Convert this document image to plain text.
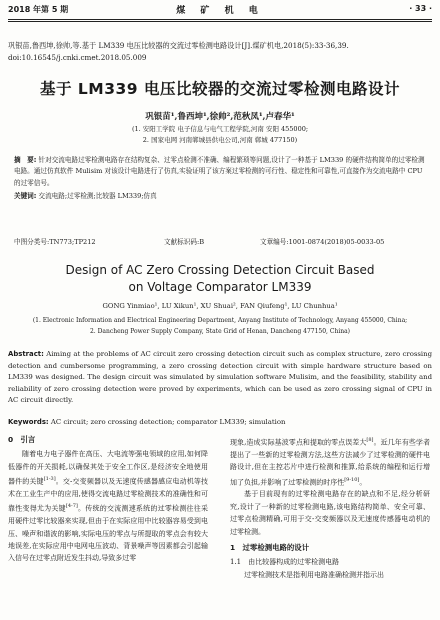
2018 年第 5 期	煤 矿 机 电	· 33 ·
巩银苗,鲁西坤,徐帅,等.基于 LM339 电压比较器的交流过零检测电路设计[J].煤矿机电,2018(5):33-36,39. doi:10.16545/j.cnki.cmet.2018.05.009
基于 LM339 电压比较器的交流过零检测电路设计
巩银苗¹,鲁西坤¹,徐帅²,范秋凤¹,卢春华¹
(1. 安阳工学院 电子信息与电气工程学院,河南 安阳 455000;
2. 国家电网 河南郸城县供电公司,河南 郸城 477150)
摘　要: 针对交流电路过零检测电路存在结构复杂、过零点检测不准确、编程繁琐等问题,设计了一种基于 LM339 的硬件结构简单的过零检测电路。通过仿真软件 Mulisim 对该设计电路进行了仿真,实验证明了该方案过零检测的可行性、稳定性和可靠性,可直接作为交流电路中 CPU 的过零信号。
关键词: 交流电路;过零检测;比较器 LM339;仿真
中图分类号:TN773;TP212	文献标识码:B	文章编号:1001-0874(2018)05-0033-05
Design of AC Zero Crossing Detection Circuit Based
on Voltage Comparator LM339
GONG Yinmiao¹, LU Xikun¹, XU Shuai², FAN Qiufeng¹, LU Chunhua¹
(1. Electronic Information and Electrical Engineering Department, Anyang Institute of Technology, Anyang 455000, China;
2. Dancheng Power Supply Company, State Grid of Henan, Dancheng 477150, China)
Abstract: Aiming at the problems of AC circuit zero crossing detection circuit such as complex structure, zero crossing detection and cumbersome programming, a zero crossing detection circuit with simple hardware structure based on LM339 was designed. The design circuit was simulated by simulation software Mulisim, and the feasibility, stability and reliability of zero crossing detection were proved by experiments, which can be used as zero crossing signal of CPU in AC circuit directly.
Keywords: AC circuit; zero crossing detection; comparator LM339; simulation
0　引言

随着电力电子器件在高压、大电流等强电领域的应用,如何降低器件的开关损耗,以确保其处于安全工作区,是经济安全地使用器件的关键[1-3]。交-交变频器以及无速度传感器感应电动机等技术在工业生产中的应用,使得交流电路过零检测技术的准确性和可靠性变得尤为关键[4-7]。传统的交流测速系统的过零检测往往采用硬件过零比较器来实现,但由于在实际应用中比较器容易受到电压、噪声和谐波的影响,实际电压的零点与所提取的零点会有较大地误差,在实际应用中电网电压波动、背景噪声等因素都会引起输入信号在过零点附近发生抖动,导致多过零

现象,造成实际基波零点和提取的零点误差大[8]。近几年有些学者提出了一些新的过零检测方法,这些方法减少了过零检测的硬件电路设计,但在主控芯片中进行检测和推算,给系统的编程和运行增加了负担,并影响了过零检测的时序性[9-10]。

基于目前现有的过零检测电路存在的缺点和不足,经分析研究,设计了一种新的过零检测电路,该电路结构简单、安全可靠、过零点检测精确,可用于交-交变频器以及无速度传感器电动机的过零检测。

1　过零检测电路的设计
1.1　由比较器构成的过零检测电路

过零检测技术是指利用电路准确检测并指示出
